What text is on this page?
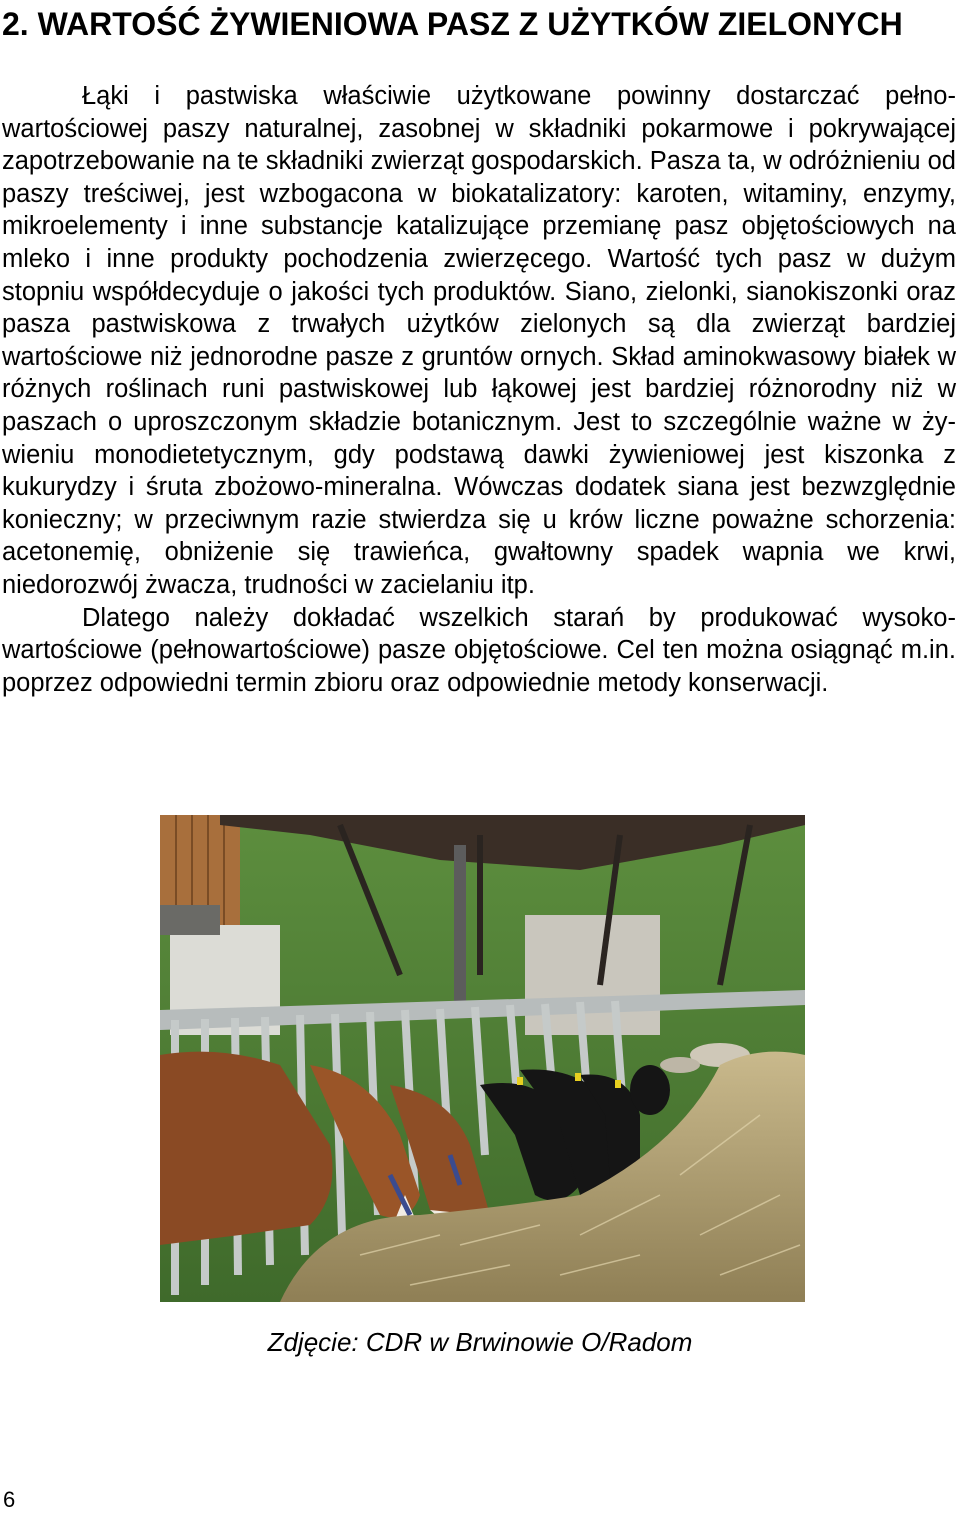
2. WARTOŚĆ ŻYWIENIOWA PASZ Z UŻYTKÓW ZIELONYCH

Łąki i pastwiska właściwie użytkowane powinny dostarczać pełnowartościowej paszy naturalnej, zasobnej w składniki pokarmowe i pokrywającej zapotrzebowanie na te składniki zwierząt gospodarskich. Pasza ta, w odróżnieniu od paszy treściwej, jest wzbogacona w biokatalizatory: karoten, witaminy, enzymy, mikroelementy i inne substancje katalizujące przemianę pasz objętościowych na mleko i inne produkty pochodzenia zwierzęcego. Wartość tych pasz w dużym stopniu współdecyduje o jakości tych produktów. Siano, zielonki, sianokiszonki oraz pasza pastwiskowa z trwałych użytków zielonych są dla zwierząt bardziej wartościowe niż jednorodne pasze z gruntów ornych. Skład aminokwasowy białek w różnych roślinach runi pastwiskowej lub łąkowej jest bardziej różnorodny niż w paszach o uproszczonym składzie botanicznym. Jest to szczególnie ważne w żywieniu monodietetycznym, gdy podstawą dawki żywieniowej jest kiszonka z kukurydzy i śruta zbożowo-mineralna. Wówczas dodatek siana jest bezwzględnie konieczny; w przeciwnym razie stwierdza się u krów liczne poważne schorzenia: acetonemię, obniżenie się trawieńca, gwałtowny spadek wapnia we krwi, niedorozwój żwacza, trudności w zacielaniu itp.

Dlatego należy dokładać wszelkich starań by produkować wysokowartościowe (pełnowartościowe) pasze objętościowe. Cel ten można osiągnąć m.in. poprzez odpowiedni termin zbioru oraz odpowiednie metody konserwacji.

Zdjęcie: CDR w Brwinowie O/Radom
6
